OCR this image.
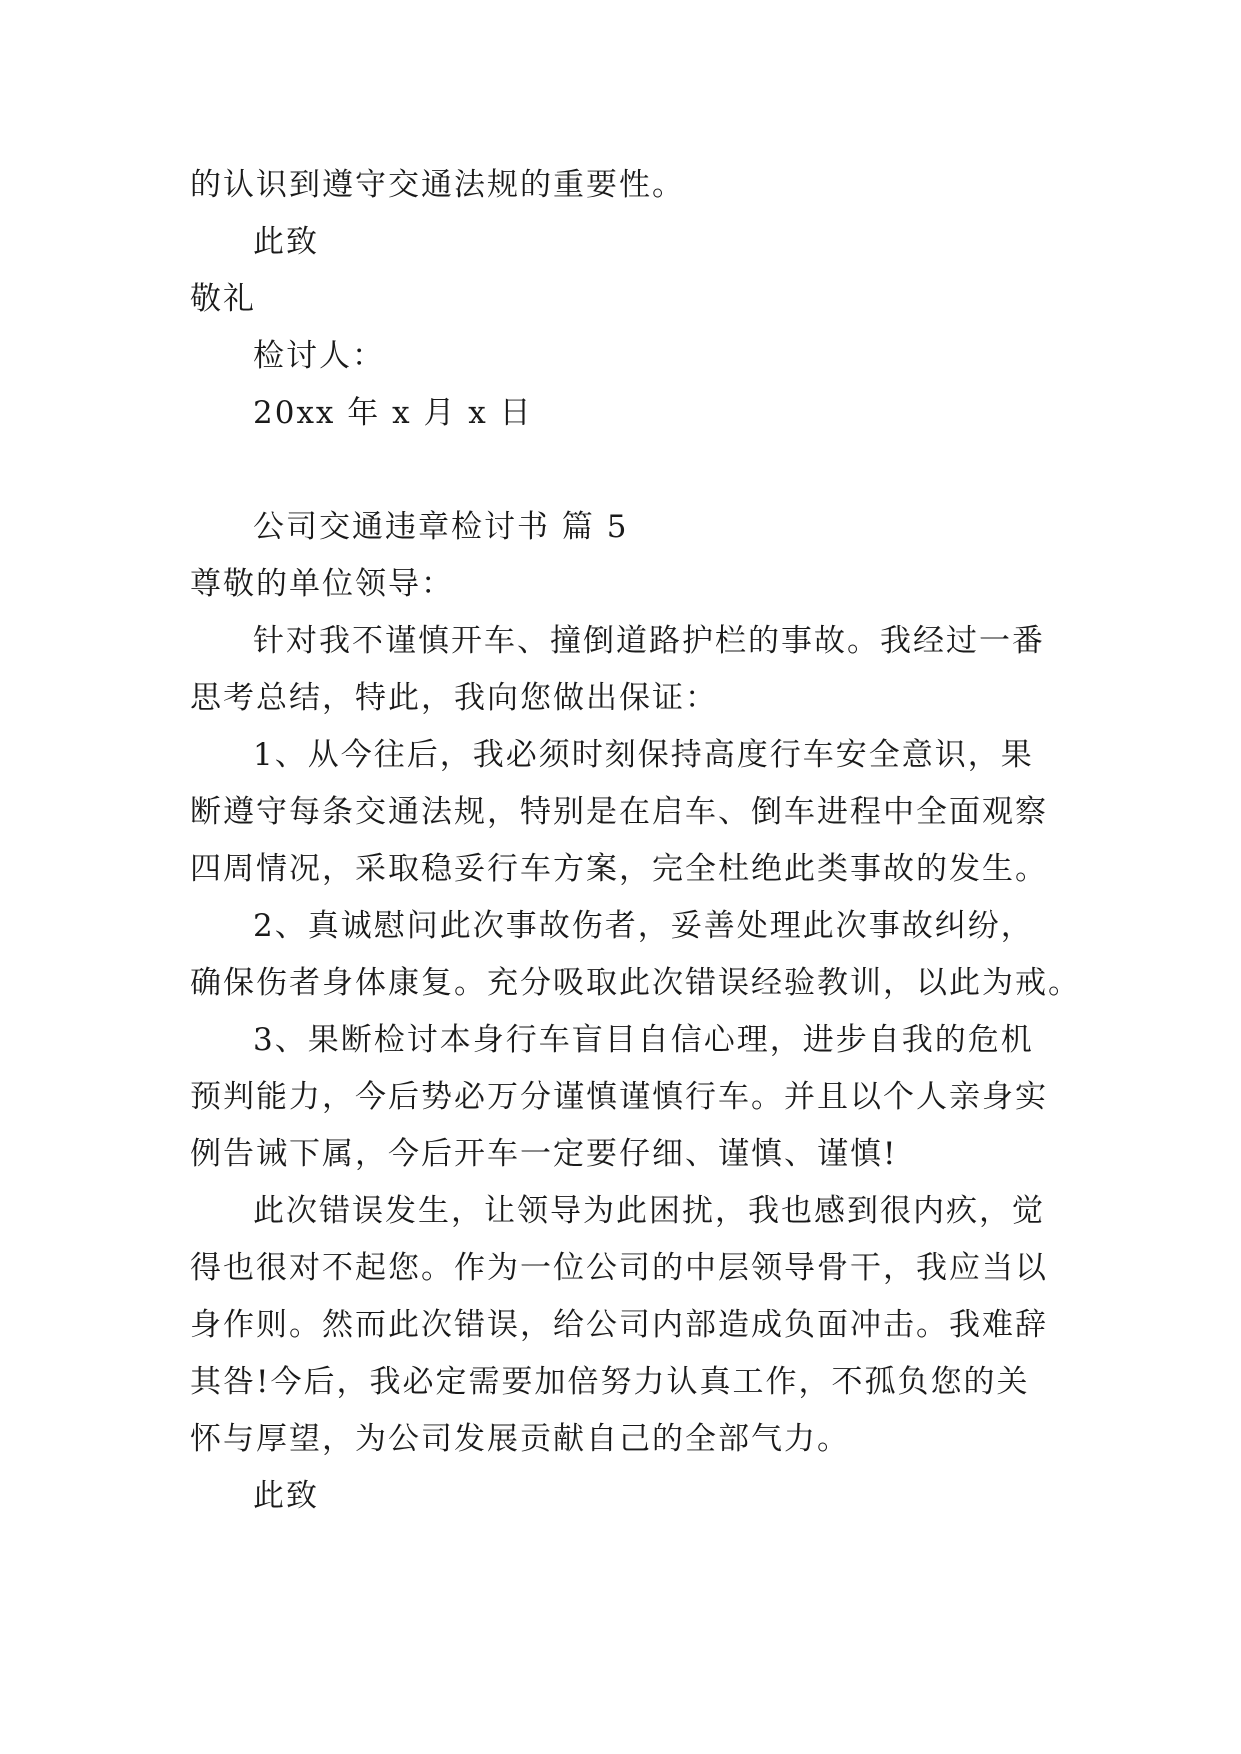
的认识到遵守交通法规的重要性。
此致
敬礼
检讨人：
20xx 年 x 月 x 日
公司交通违章检讨书 篇 5
尊敬的单位领导：
针对我不谨慎开车、撞倒道路护栏的事故。我经过一番
思考总结，特此，我向您做出保证：
1、从今往后，我必须时刻保持高度行车安全意识，果
断遵守每条交通法规，特别是在启车、倒车进程中全面观察
四周情况，采取稳妥行车方案，完全杜绝此类事故的发生。
2、真诚慰问此次事故伤者，妥善处理此次事故纠纷，
确保伤者身体康复。充分吸取此次错误经验教训，以此为戒。
3、果断检讨本身行车盲目自信心理，进步自我的危机
预判能力，今后势必万分谨慎谨慎行车。并且以个人亲身实
例告诫下属，今后开车一定要仔细、谨慎、谨慎!
此次错误发生，让领导为此困扰，我也感到很内疚，觉
得也很对不起您。作为一位公司的中层领导骨干，我应当以
身作则。然而此次错误，给公司内部造成负面冲击。我难辞
其咎!今后，我必定需要加倍努力认真工作，不孤负您的关
怀与厚望，为公司发展贡献自己的全部气力。
此致
